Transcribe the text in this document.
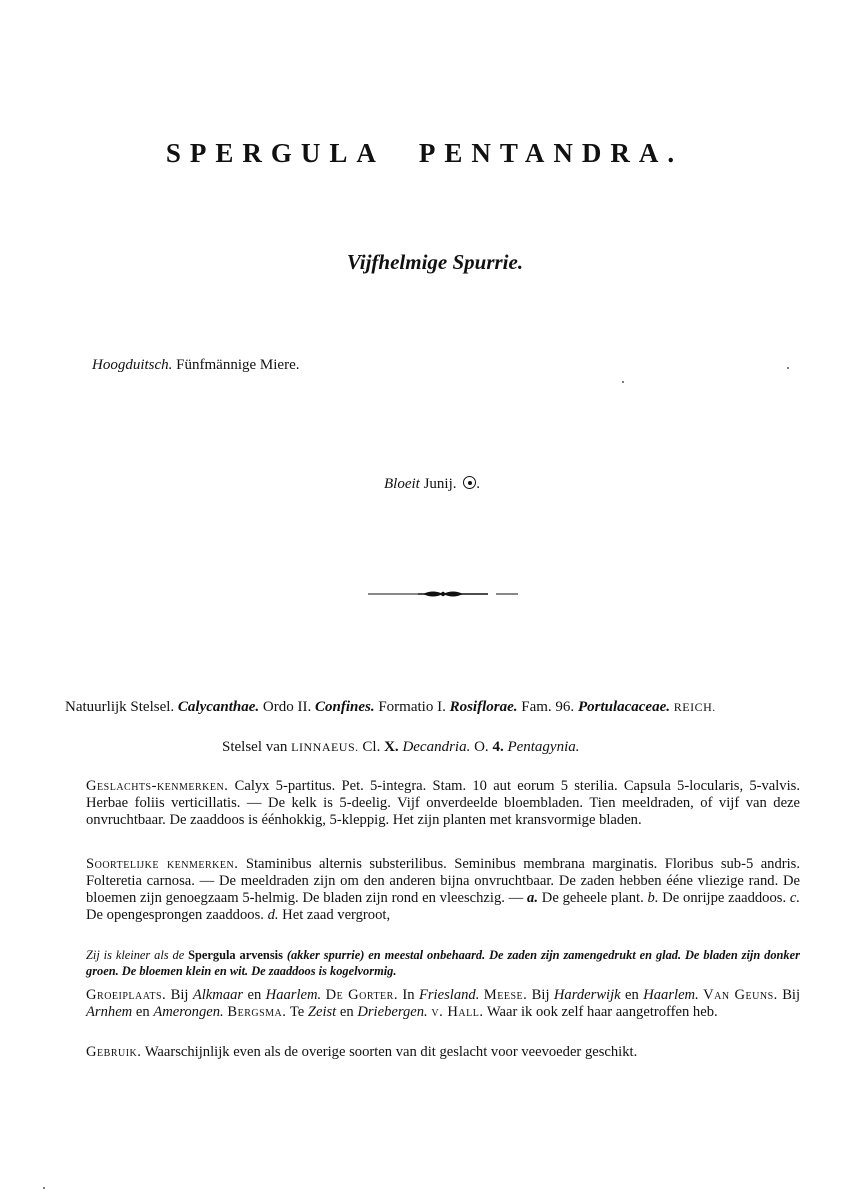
SPERGULA PENTANDRA.
Vijfhelmige Spurrie.
Hoogduitsch. Fünfmännige Miere.
Bloeit Junij. .
Natuurlijk Stelsel. Calycanthae. Ordo II. Confines. Formatio I. Rosiflorae. Fam. 96. Portulacaceae. REICH.
Stelsel van LINNAEUS. Cl. X. Decandria. O. 4. Pentagynia.
Geslachts-kenmerken. Calyx 5-partitus. Pet. 5-integra. Stam. 10 aut eorum 5 sterilia. Capsula 5-locularis, 5-valvis. Herbae foliis verticillatis. — De kelk is 5-deelig. Vijf onverdeelde bloembladen. Tien meeldraden, of vijf van deze onvruchtbaar. De zaaddoos is éénhokkig, 5-kleppig. Het zijn planten met kransvormige bladen.
Soortelijke kenmerken. Staminibus alternis substerilibus. Seminibus membrana marginatis. Floribus sub-5 andris. Folteretia carnosa. — De meeldraden zijn om den anderen bijna onvruchtbaar. De zaden hebben ééne vliezige rand. De bloemen zijn genoegzaam 5-helmig. De bladen zijn rond en vleeschzig. — a. De geheele plant. b. De onrijpe zaaddoos. c. De opengesprongen zaaddoos. d. Het zaad vergroot,
Zij is kleiner als de Spergula arvensis (akker spurrie) en meestal onbehaard. De zaden zijn zamengedrukt en glad. De bladen zijn donker groen. De bloemen klein en wit. De zaaddoos is kogelvormig.
Groeiplaats. Bij Alkmaar en Haarlem. De Gorter. In Friesland. Meese. Bij Harderwijk en Haarlem. Van Geuns. Bij Arnhem en Amerongen. Bergsma. Te Zeist en Driebergen. v. Hall. Waar ik ook zelf haar aangetroffen heb.
Gebruik. Waarschijnlijk even als de overige soorten van dit geslacht voor veevoeder geschikt.
